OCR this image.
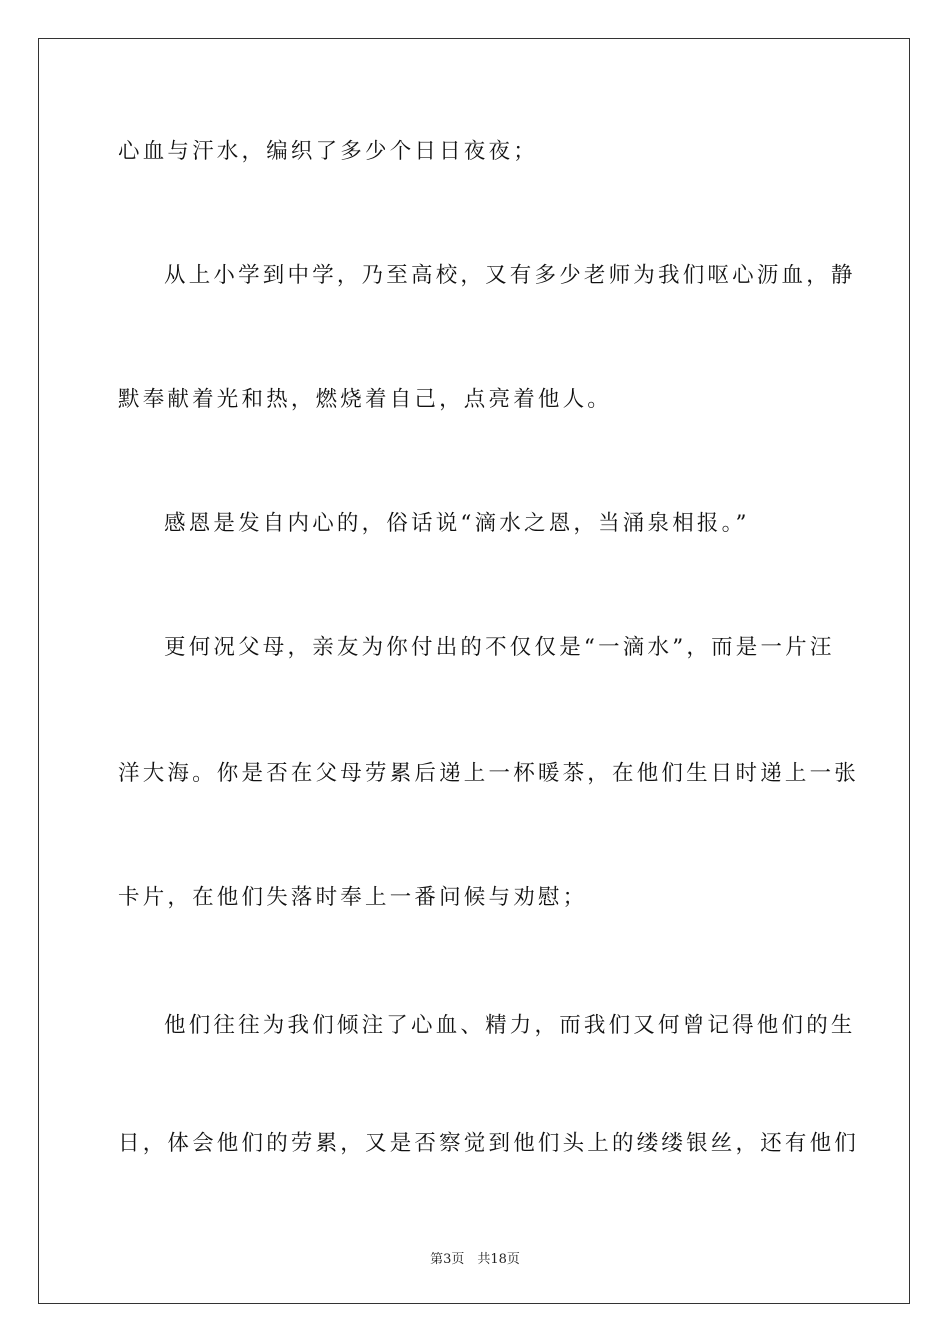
心血与汗水，编织了多少个日日夜夜；

从上小学到中学，乃至高校，又有多少老师为我们呕心沥血，静

默奉献着光和热，燃烧着自己，点亮着他人。

感恩是发自内心的，俗话说“滴水之恩，当涌泉相报。”

更何况父母，亲友为你付出的不仅仅是“一滴水”，而是一片汪

洋大海。你是否在父母劳累后递上一杯暖茶，在他们生日时递上一张

卡片，在他们失落时奉上一番问候与劝慰；

他们往往为我们倾注了心血、精力，而我们又何曾记得他们的生

日，体会他们的劳累，又是否察觉到他们头上的缕缕银丝，还有他们

第3页　共18页
